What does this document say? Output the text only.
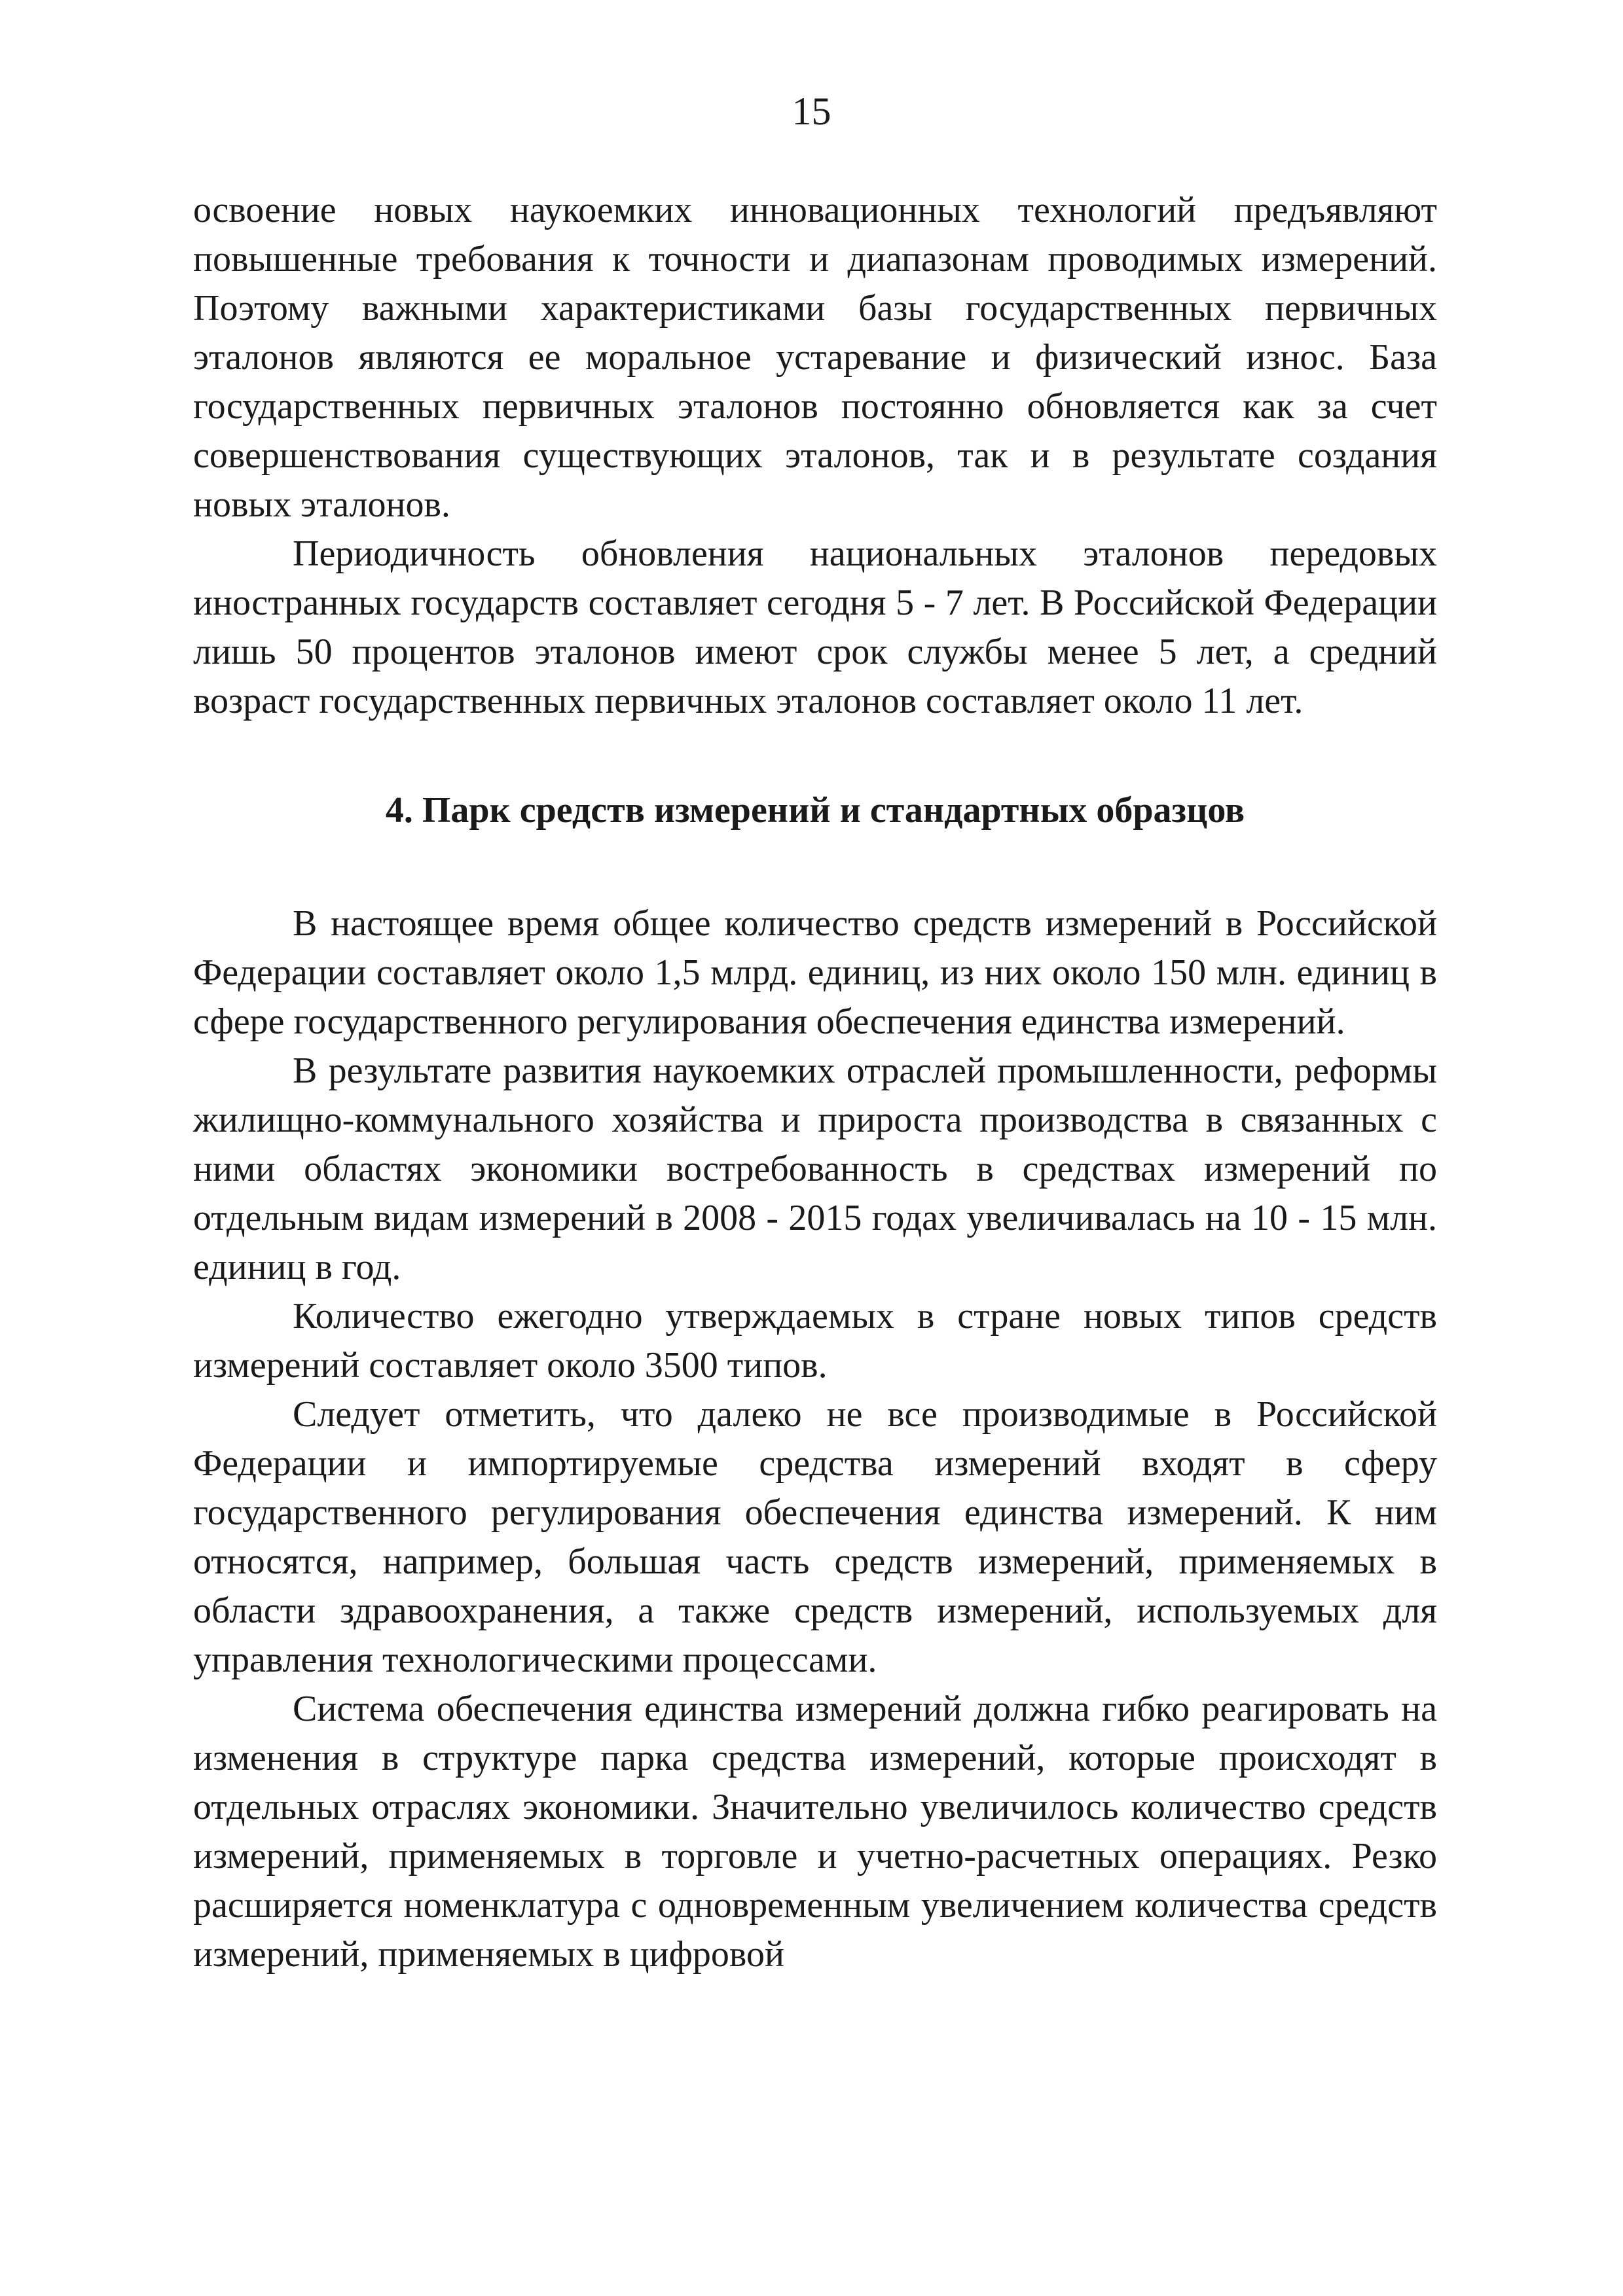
15

освоение новых наукоемких инновационных технологий предъявляют повышенные требования к точности и диапазонам проводимых измерений. Поэтому важными характеристиками базы государственных первичных эталонов являются ее моральное устаревание и физический износ. База государственных первичных эталонов постоянно обновляется как за счет совершенствования существующих эталонов, так и в результате создания новых эталонов.

Периодичность обновления национальных эталонов передовых иностранных государств составляет сегодня 5 - 7 лет. В Российской Федерации лишь 50 процентов эталонов имеют срок службы менее 5 лет, а средний возраст государственных первичных эталонов составляет около 11 лет.

4. Парк средств измерений и стандартных образцов

В настоящее время общее количество средств измерений в Российской Федерации составляет около 1,5 млрд. единиц, из них около 150 млн. единиц в сфере государственного регулирования обеспечения единства измерений.

В результате развития наукоемких отраслей промышленности, реформы жилищно-коммунального хозяйства и прироста производства в связанных с ними областях экономики востребованность в средствах измерений по отдельным видам измерений в 2008 - 2015 годах увеличивалась на 10 - 15 млн. единиц в год.

Количество ежегодно утверждаемых в стране новых типов средств измерений составляет около 3500 типов.

Следует отметить, что далеко не все производимые в Российской Федерации и импортируемые средства измерений входят в сферу государственного регулирования обеспечения единства измерений. К ним относятся, например, большая часть средств измерений, применяемых в области здравоохранения, а также средств измерений, используемых для управления технологическими процессами.

Система обеспечения единства измерений должна гибко реагировать на изменения в структуре парка средства измерений, которые происходят в отдельных отраслях экономики. Значительно увеличилось количество средств измерений, применяемых в торговле и учетно-расчетных операциях. Резко расширяется номенклатура с одновременным увеличением количества средств измерений, применяемых в цифровой
